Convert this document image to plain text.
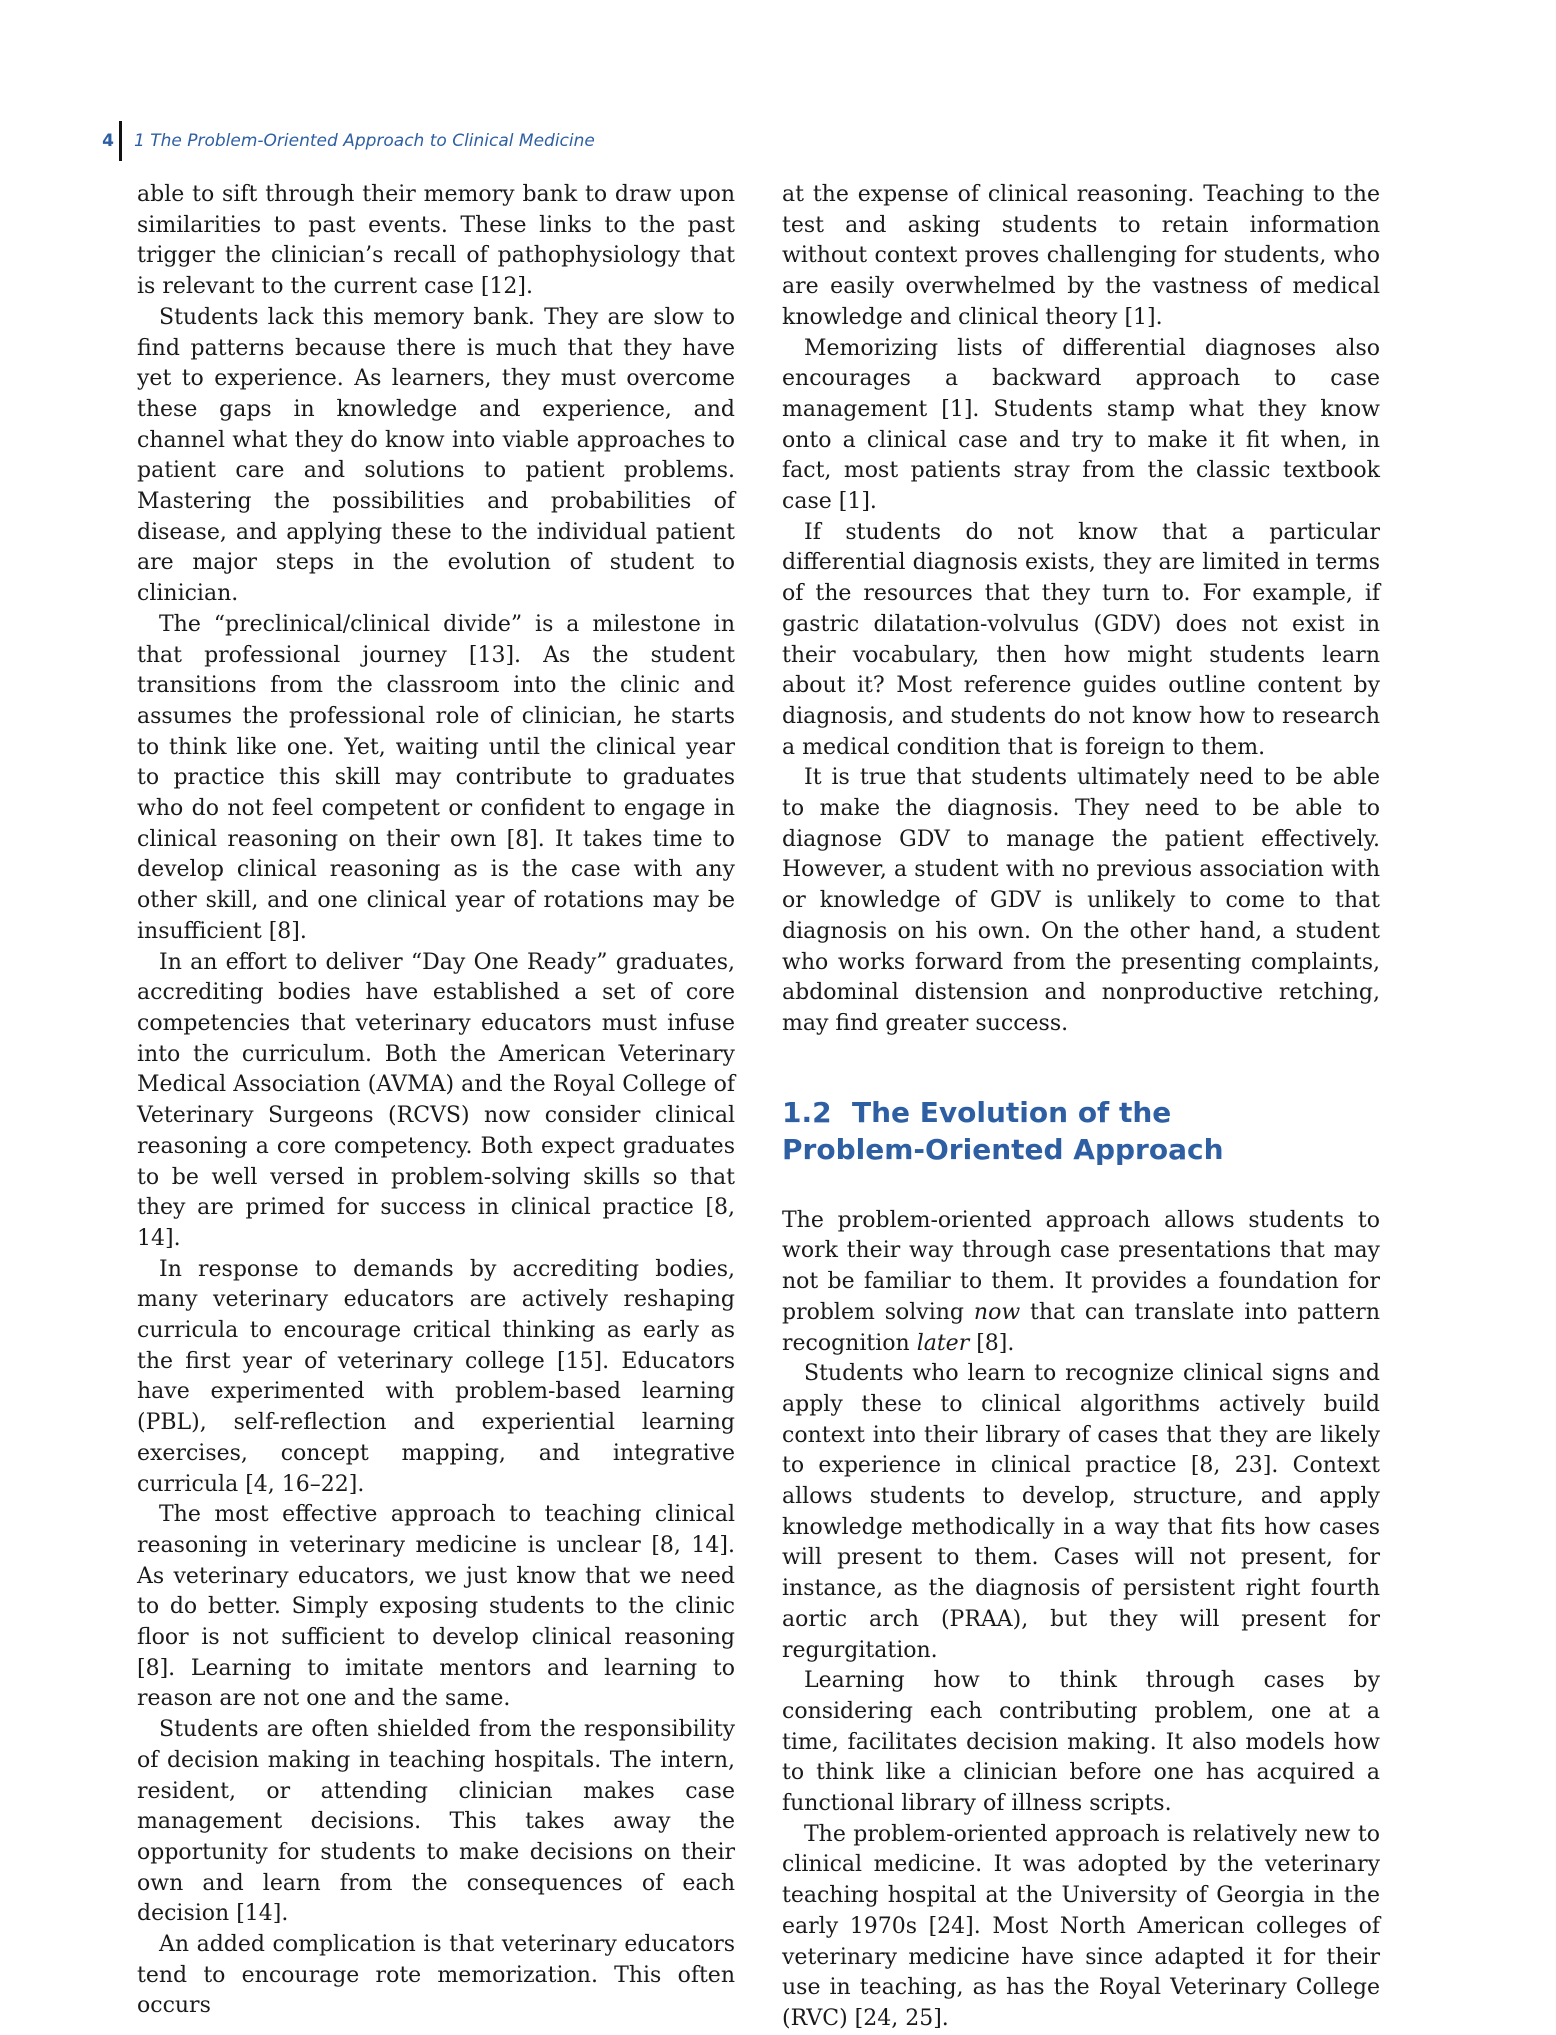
4 1 The Problem-Oriented Approach to Clinical Medicine

able to sift through their memory bank to draw upon similarities to past events. These links to the past trigger the clinician’s recall of pathophysiology that is relevant to the current case [12].

Students lack this memory bank. They are slow to find patterns because there is much that they have yet to experience. As learners, they must overcome these gaps in knowledge and experience, and channel what they do know into viable approaches to patient care and solutions to patient problems. Mastering the possibilities and probabilities of disease, and applying these to the individual patient are major steps in the evolution of student to clinician.

The “preclinical/clinical divide” is a milestone in that professional journey [13]. As the student transitions from the classroom into the clinic and assumes the professional role of clinician, he starts to think like one. Yet, waiting until the clinical year to practice this skill may contribute to graduates who do not feel competent or confident to engage in clinical reasoning on their own [8]. It takes time to develop clinical reasoning as is the case with any other skill, and one clinical year of rotations may be insufficient [8].

In an effort to deliver “Day One Ready” graduates, accrediting bodies have established a set of core competencies that veterinary educators must infuse into the curriculum. Both the American Veterinary Medical Association (AVMA) and the Royal College of Veterinary Surgeons (RCVS) now consider clinical reasoning a core competency. Both expect graduates to be well versed in problem-solving skills so that they are primed for success in clinical practice [8, 14].

In response to demands by accrediting bodies, many veterinary educators are actively reshaping curricula to encourage critical thinking as early as the first year of veterinary college [15]. Educators have experimented with problem-based learning (PBL), self-reflection and experiential learning exercises, concept mapping, and integrative curricula [4, 16–22].

The most effective approach to teaching clinical reasoning in veterinary medicine is unclear [8, 14]. As veterinary educators, we just know that we need to do better. Simply exposing students to the clinic floor is not sufficient to develop clinical reasoning [8]. Learning to imitate mentors and learning to reason are not one and the same.

Students are often shielded from the responsibility of decision making in teaching hospitals. The intern, resident, or attending clinician makes case management decisions. This takes away the opportunity for students to make decisions on their own and learn from the consequences of each decision [14].

An added complication is that veterinary educators tend to encourage rote memorization. This often occurs

at the expense of clinical reasoning. Teaching to the test and asking students to retain information without context proves challenging for students, who are easily overwhelmed by the vastness of medical knowledge and clinical theory [1].

Memorizing lists of differential diagnoses also encourages a backward approach to case management [1]. Students stamp what they know onto a clinical case and try to make it fit when, in fact, most patients stray from the classic textbook case [1].

If students do not know that a particular differential diagnosis exists, they are limited in terms of the resources that they turn to. For example, if gastric dilatation-volvulus (GDV) does not exist in their vocabulary, then how might students learn about it? Most reference guides outline content by diagnosis, and students do not know how to research a medical condition that is foreign to them.

It is true that students ultimately need to be able to make the diagnosis. They need to be able to diagnose GDV to manage the patient effectively. However, a student with no previous association with or knowledge of GDV is unlikely to come to that diagnosis on his own. On the other hand, a student who works forward from the presenting complaints, abdominal distension and nonproductive retching, may find greater success.

1.2 The Evolution of the
Problem-Oriented Approach

The problem-oriented approach allows students to work their way through case presentations that may not be familiar to them. It provides a foundation for problem solving now that can translate into pattern recognition later [8].

Students who learn to recognize clinical signs and apply these to clinical algorithms actively build context into their library of cases that they are likely to experience in clinical practice [8, 23]. Context allows students to develop, structure, and apply knowledge methodically in a way that fits how cases will present to them. Cases will not present, for instance, as the diagnosis of persistent right fourth aortic arch (PRAA), but they will present for regurgitation.

Learning how to think through cases by considering each contributing problem, one at a time, facilitates decision making. It also models how to think like a clinician before one has acquired a functional library of illness scripts.

The problem-oriented approach is relatively new to clinical medicine. It was adopted by the veterinary teaching hospital at the University of Georgia in the early 1970s [24]. Most North American colleges of veterinary medicine have since adapted it for their use in teaching, as has the Royal Veterinary College (RVC) [24, 25].
